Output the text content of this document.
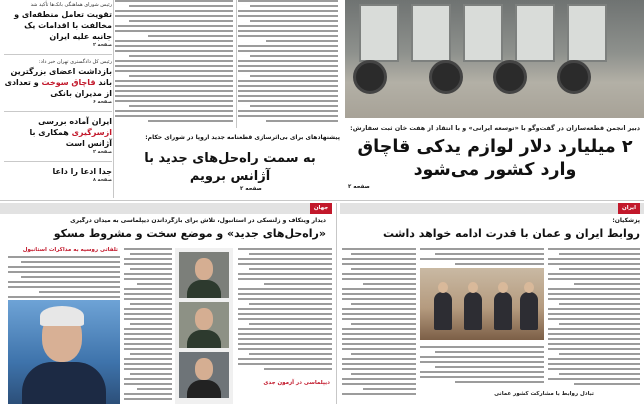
رئیس شورای هماهنگی بانک‌ها تأکید شد
تقویت تعامل منطقه‌ای و مخالفت با اقدامات یک جانبه علیه ایران
صفحه ۲
رئیس کل دادگستری تهران خبر داد:
بازداشت اعضای بزرگترین باند قاچاق سوخت و تعدادی از مدیران بانکی
صفحه ۶
ایران آماده بررسی ازسرگیری همکاری با آژانس است
صفحه ۲
جدا ادعا را داعا
صفحه ۸
دبیر انجمن قطعه‌سازان در گفت‌وگو با «توسعه ایرانی» و با انتقاد از هفت خان ثبت سفارش:
۲ میلیارد دلار لوازم یدکی قاچاق وارد کشور می‌شود
صفحه ۲
پیشنهادهای برای بی‌اثرسازی قطعنامه جدید اروپا در شورای حکام:
به سمت راه‌حل‌های جدید با آژانس برویم
صفحه ۲
ایران
جهان
پزشکیان:
روابط ایران و عمان با قدرت ادامه خواهد داشت
تبادل روابط با مشارکت کشور عمانی
دیدار ویتکاف و زلنسکی در استانبول، تلاش برای بازگرداندن دیپلماسی به میدان درگیری
«راه‌حل‌های جدید» و موضع سخت و مشروط مسکو
تلفاتی روسیه به مذاکرات استانبول
دیپلماسی در آزمون جدی
